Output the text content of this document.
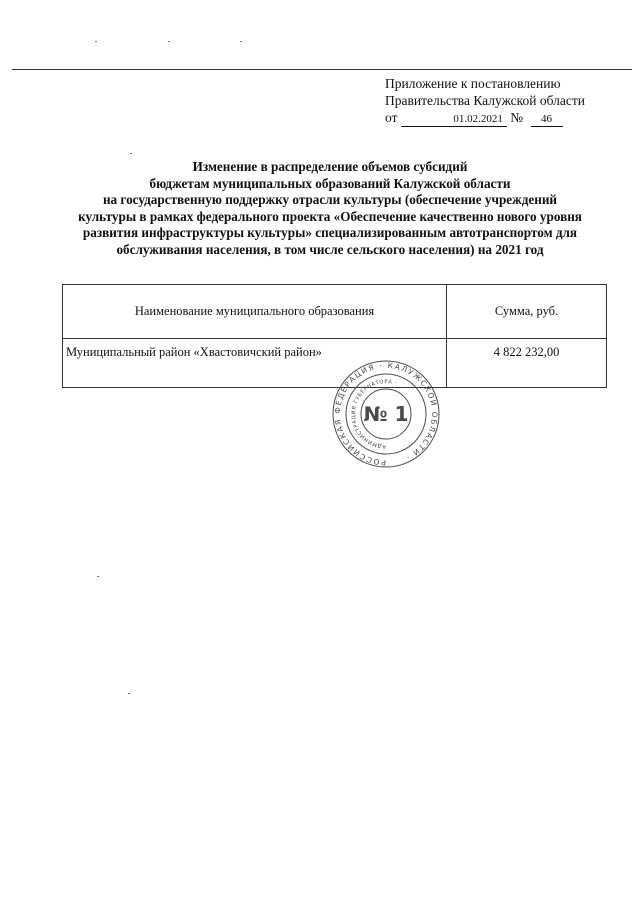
Приложение к постановлению
Правительства Калужской области
от	01.02.2021 № 46
Изменение в распределение объемов субсидий
бюджетам муниципальных образований Калужской области
на государственную поддержку отрасли культуры (обеспечение учреждений
культуры в рамках федерального проекта «Обеспечение качественно нового уровня
развития инфраструктуры культуры» специализированным автотранспортом для
обслуживания населения, в том числе сельского населения) на 2021 год
Наименование муниципального образования	Сумма, руб.
Муниципальный район «Хвастовичский район»	4 822 232,00
РОССИЙСКАЯ ФЕДЕРАЦИЯ · КАЛУЖСКОЙ ОБЛАСТИ ·
АДМИНИСТРАЦИЯ ГУБЕРНАТОРА ·
№ 1
